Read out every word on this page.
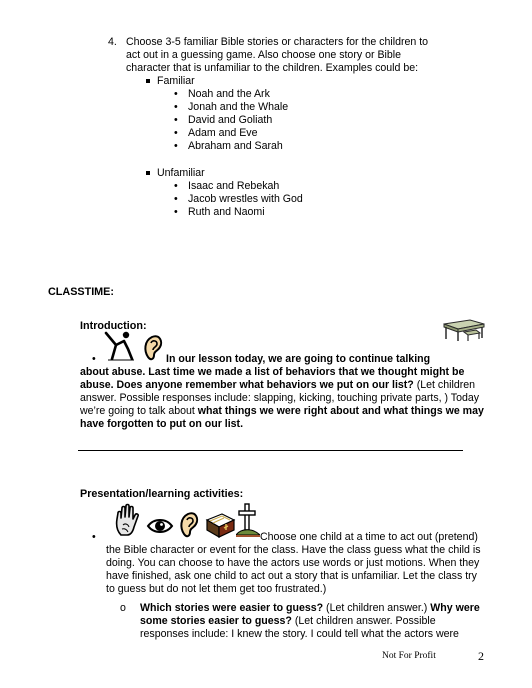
4. Choose 3-5 familiar Bible stories or characters for the children to
act out in a guessing game. Also choose one story or Bible
character that is unfamiliar to the children. Examples could be:
Familiar
• Noah and the Ark
• Jonah and the Whale
• David and Goliath
• Adam and Eve
• Abraham and Sarah
Unfamiliar
• Isaac and Rebekah
• Jacob wrestles with God
• Ruth and Naomi
CLASSTIME:
Introduction:
•	In our lesson today, we are going to continue talking
about abuse. Last time we made a list of behaviors that we thought might be
abuse. Does anyone remember what behaviors we put on our list? (Let children
answer. Possible responses include: slapping, kicking, touching private parts, ) Today
we’re going to talk about what things we were right about and what things we may
have forgotten to put on our list.
Presentation/learning activities:
•	Choose one child at a time to act out (pretend)
the Bible character or event for the class. Have the class guess what the child is
doing. You can choose to have the actors use words or just motions. When they
have finished, ask one child to act out a story that is unfamiliar. Let the class try
to guess but do not let them get too frustrated.)
o Which stories were easier to guess? (Let children answer.) Why were
some stories easier to guess? (Let children answer. Possible
responses include: I knew the story. I could tell what the actors were
Not For Profit	2
